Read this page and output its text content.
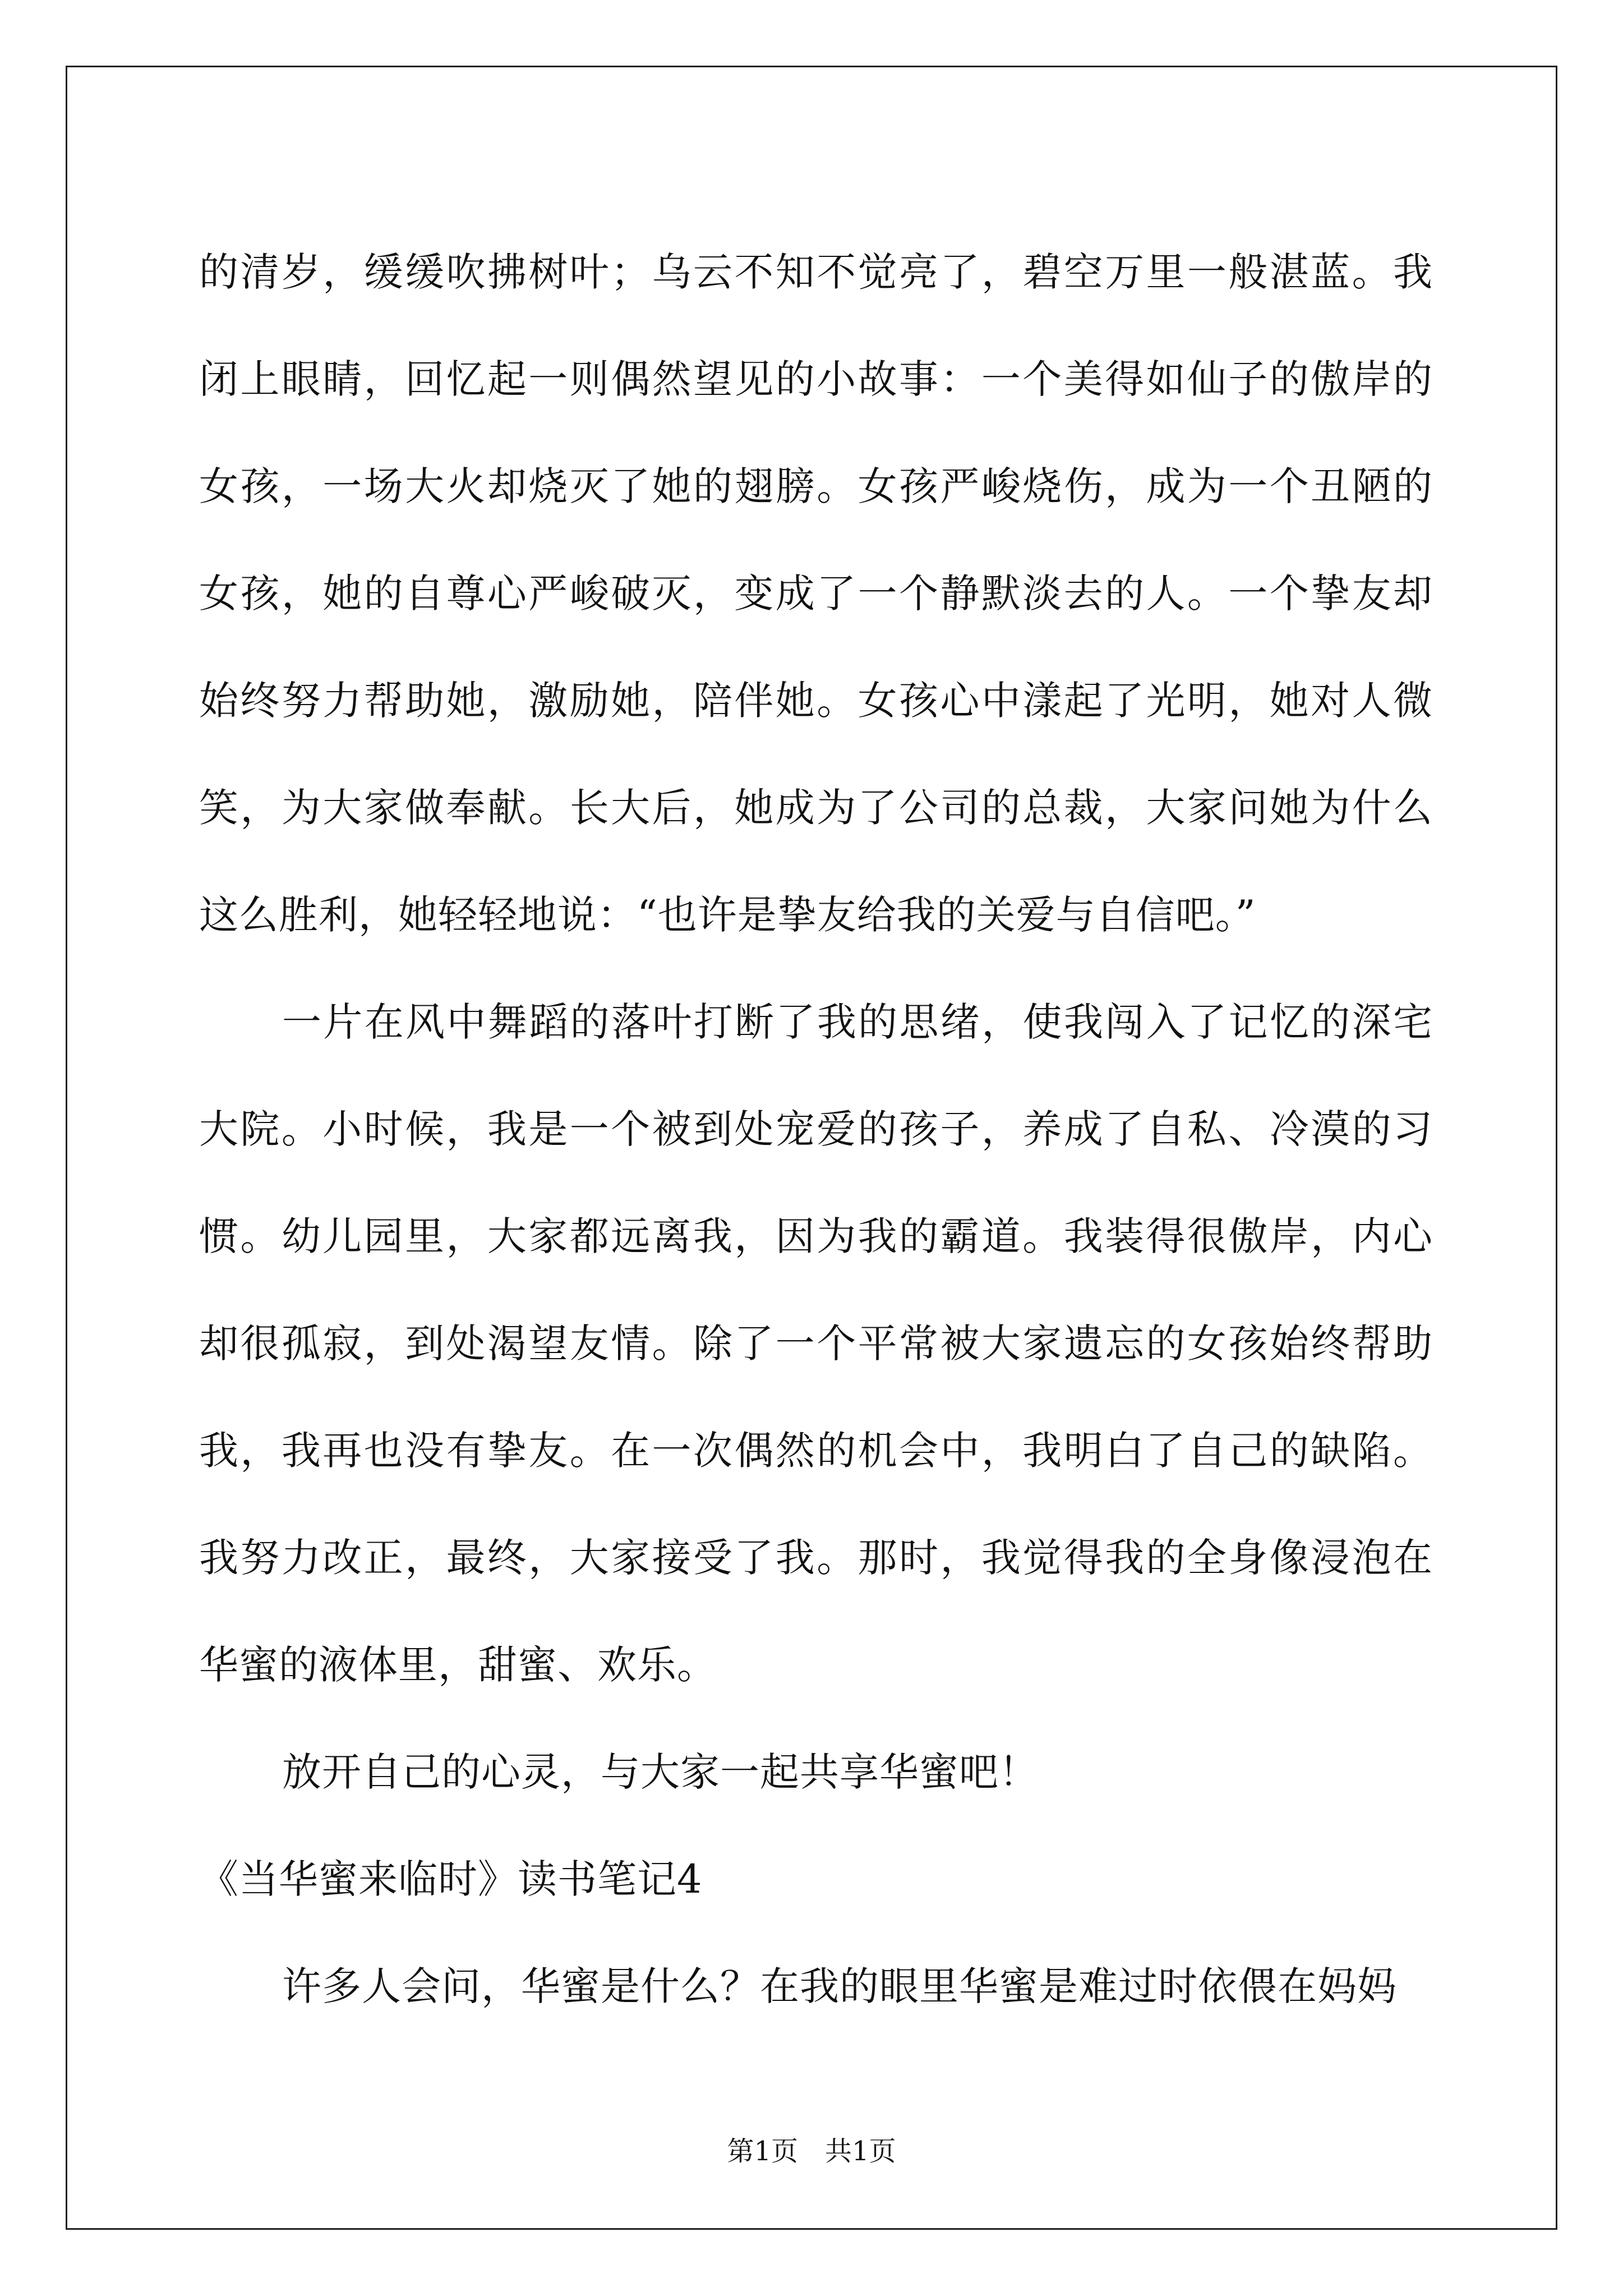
的清岁，缓缓吹拂树叶；乌云不知不觉亮了，碧空万里一般湛蓝。我闭上眼睛，回忆起一则偶然望见的小故事：一个美得如仙子的傲岸的女孩，一场大火却烧灭了她的翅膀。女孩严峻烧伤，成为一个丑陋的女孩，她的自尊心严峻破灭，变成了一个静默淡去的人。一个挚友却始终努力帮助她，激励她，陪伴她。女孩心中漾起了光明，她对人微笑，为大家做奉献。长大后，她成为了公司的总裁，大家问她为什么这么胜利，她轻轻地说：“也许是挚友给我的关爱与自信吧。”

一片在风中舞蹈的落叶打断了我的思绪，使我闯入了记忆的深宅大院。小时候，我是一个被到处宠爱的孩子，养成了自私、冷漠的习惯。幼儿园里，大家都远离我，因为我的霸道。我装得很傲岸，内心却很孤寂，到处渴望友情。除了一个平常被大家遗忘的女孩始终帮助我，我再也没有挚友。在一次偶然的机会中，我明白了自己的缺陷。我努力改正，最终，大家接受了我。那时，我觉得我的全身像浸泡在华蜜的液体里，甜蜜、欢乐。

放开自己的心灵，与大家一起共享华蜜吧！

《当华蜜来临时》读书笔记4

许多人会问，华蜜是什么？在我的眼里华蜜是难过时依偎在妈妈

第1页　共1页
